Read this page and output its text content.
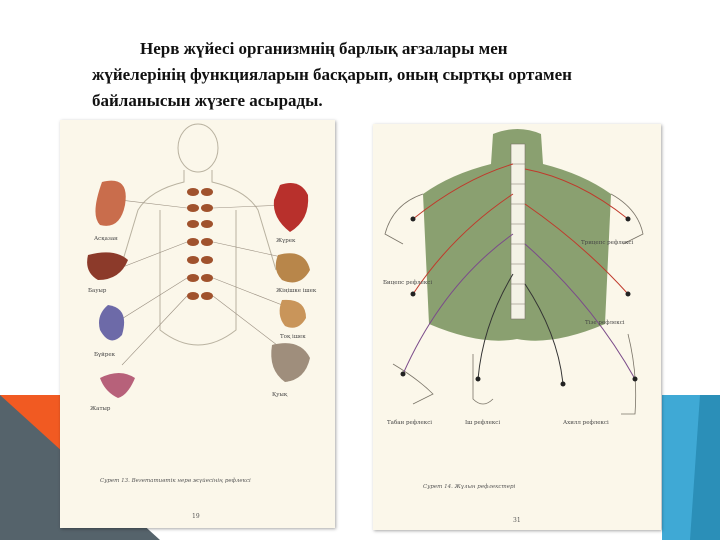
Нерв жүйесі организмнің барлық ағзалары мен
жүйелерінің функцияларын басқарып, оның сыртқы ортамен
байланысын жүзеге асырады.
Асқазан	Жүрек
Бауыр	Жіңішке ішек
Бүйрек
Тоқ ішек
Жатыр
Қуық
Сурет 13. Вегетативтік нерв жүйесінің рефлексі
19
Бицепс рефлексі
Трицепс рефлексі
Тізе рефлексі
Ахилл рефлексі
Табан рефлексі	Іш рефлексі
Сурет 14. Жұлын рефлекстері
31
